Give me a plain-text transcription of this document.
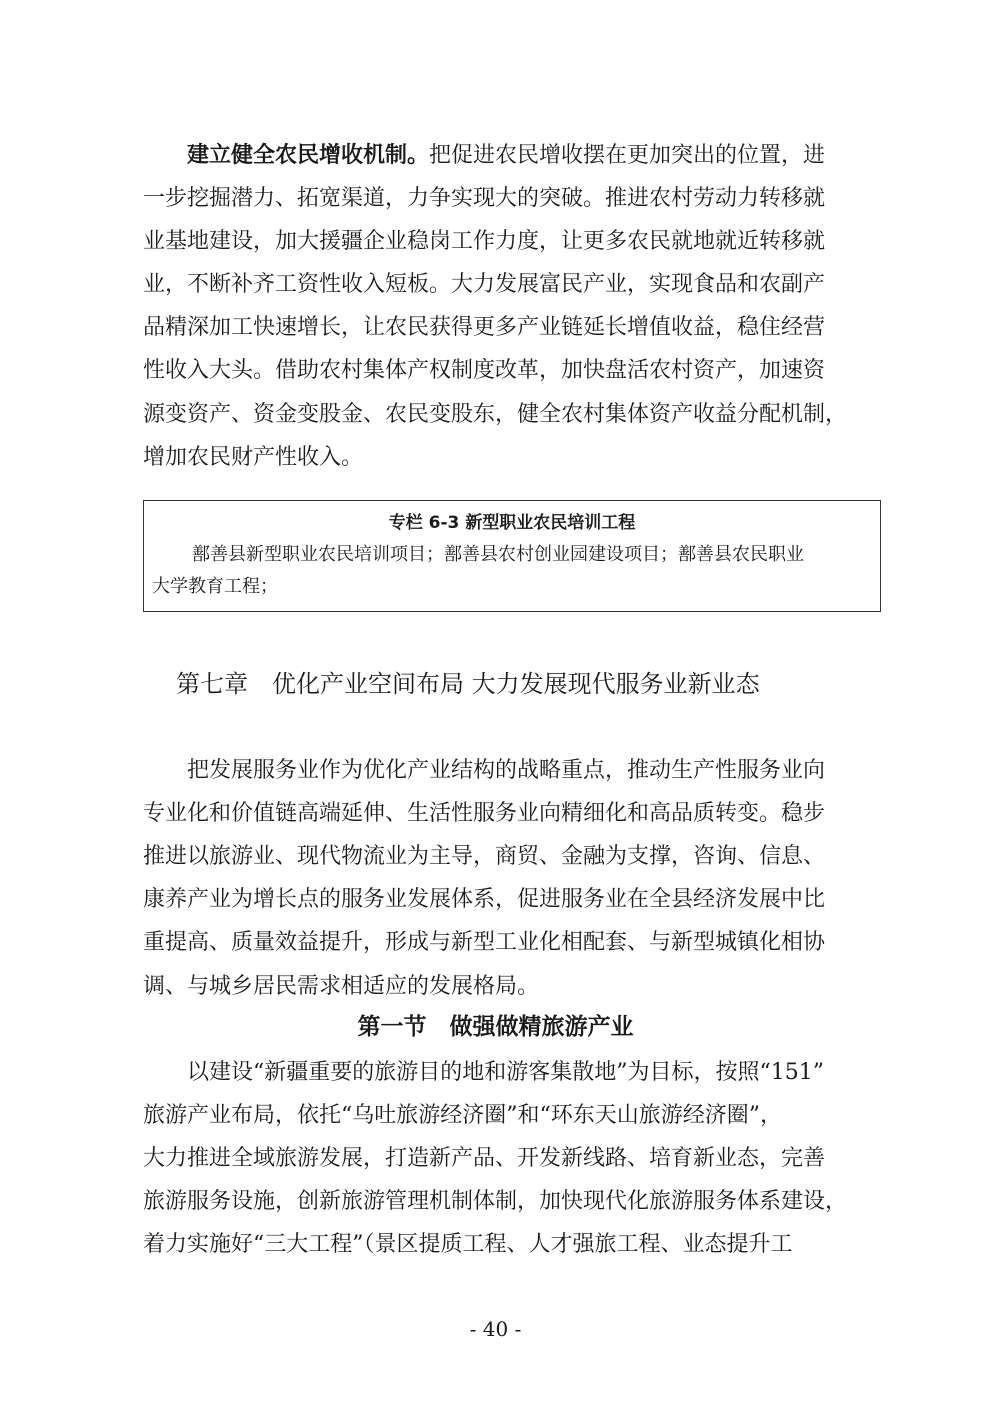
建立健全农民增收机制。把促进农民增收摆在更加突出的位置，进
一步挖掘潜力、拓宽渠道，力争实现大的突破。推进农村劳动力转移就
业基地建设，加大援疆企业稳岗工作力度，让更多农民就地就近转移就
业，不断补齐工资性收入短板。大力发展富民产业，实现食品和农副产
品精深加工快速增长，让农民获得更多产业链延长增值收益，稳住经营
性收入大头。借助农村集体产权制度改革，加快盘活农村资产，加速资
源变资产、资金变股金、农民变股东，健全农村集体资产收益分配机制，
增加农民财产性收入。
专栏 6-3 新型职业农民培训工程
鄯善县新型职业农民培训项目；鄯善县农村创业园建设项目；鄯善县农民职业
大学教育工程；
第七章　优化产业空间布局 大力发展现代服务业新业态
把发展服务业作为优化产业结构的战略重点，推动生产性服务业向
专业化和价值链高端延伸、生活性服务业向精细化和高品质转变。稳步
推进以旅游业、现代物流业为主导，商贸、金融为支撑，咨询、信息、
康养产业为增长点的服务业发展体系，促进服务业在全县经济发展中比
重提高、质量效益提升，形成与新型工业化相配套、与新型城镇化相协
调、与城乡居民需求相适应的发展格局。
第一节　做强做精旅游产业
以建设“新疆重要的旅游目的地和游客集散地”为目标，按照“151”
旅游产业布局，依托“乌吐旅游经济圈”和“环东天山旅游经济圈”，
大力推进全域旅游发展，打造新产品、开发新线路、培育新业态，完善
旅游服务设施，创新旅游管理机制体制，加快现代化旅游服务体系建设，
着力实施好“三大工程”（景区提质工程、人才强旅工程、业态提升工
- 40 -
